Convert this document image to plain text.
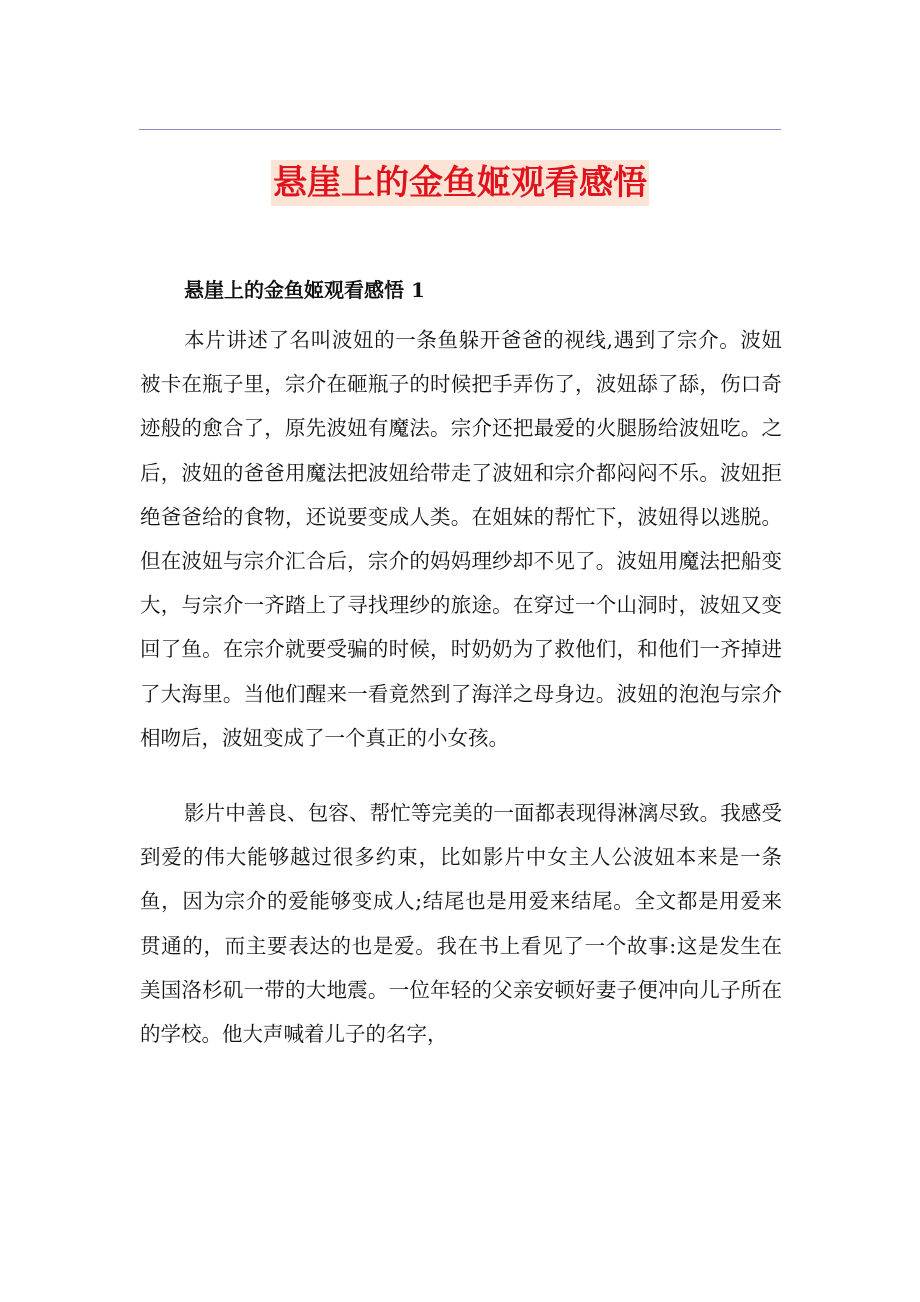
悬崖上的金鱼姬观看感悟

悬崖上的金鱼姬观看感悟 1

本片讲述了名叫波妞的一条鱼躲开爸爸的视线,遇到了宗介。波妞被卡在瓶子里，宗介在砸瓶子的时候把手弄伤了，波妞舔了舔，伤口奇迹般的愈合了，原先波妞有魔法。宗介还把最爱的火腿肠给波妞吃。之后，波妞的爸爸用魔法把波妞给带走了波妞和宗介都闷闷不乐。波妞拒绝爸爸给的食物，还说要变成人类。在姐妹的帮忙下，波妞得以逃脱。但在波妞与宗介汇合后，宗介的妈妈理纱却不见了。波妞用魔法把船变大，与宗介一齐踏上了寻找理纱的旅途。在穿过一个山洞时，波妞又变回了鱼。在宗介就要受骗的时候，时奶奶为了救他们，和他们一齐掉进了大海里。当他们醒来一看竟然到了海洋之母身边。波妞的泡泡与宗介相吻后，波妞变成了一个真正的小女孩。

影片中善良、包容、帮忙等完美的一面都表现得淋漓尽致。我感受到爱的伟大能够越过很多约束，比如影片中女主人公波妞本来是一条鱼，因为宗介的爱能够变成人;结尾也是用爱来结尾。全文都是用爱来贯通的，而主要表达的也是爱。我在书上看见了一个故事:这是发生在美国洛杉矶一带的大地震。一位年轻的父亲安顿好妻子便冲向儿子所在的学校。他大声喊着儿子的名字，
